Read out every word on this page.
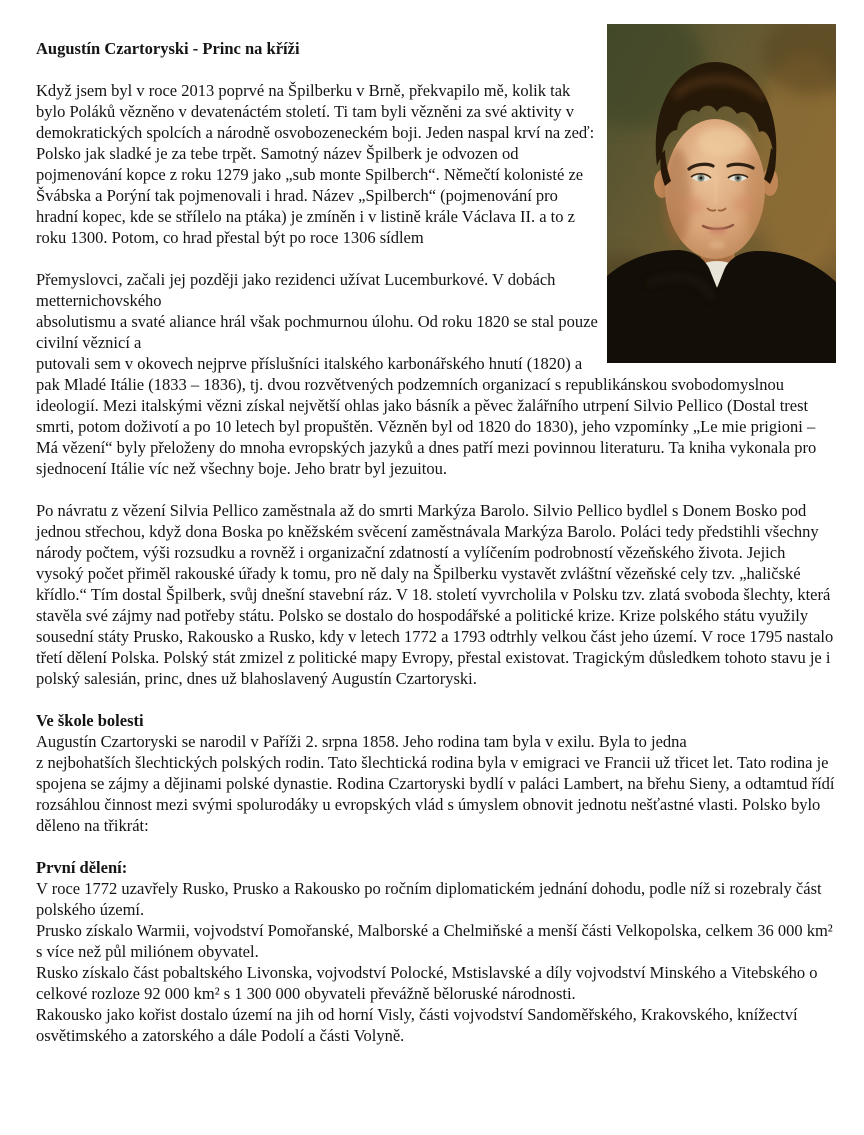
Augustín Czartoryski - Princ na kříži

Když jsem byl v roce 2013 poprvé na Špilberku v Brně, překvapilo mě, kolik tak bylo Poláků vězněno v devatenáctém století. Ti tam byli vězněni za své aktivity v demokratických spolcích a národně osvobozeneckém boji. Jeden naspal krví na zeď: Polsko jak sladké je za tebe trpět. Samotný název Špilberk je odvozen od pojmenování kopce z roku 1279 jako „sub monte Spilberch“. Němečtí kolonisté ze Švábska a Porýní tak pojmenovali i hrad. Název „Spilberch“ (pojmenování pro hradní kopec, kde se střílelo na ptáka) je zmíněn i v listině krále Václava II. a to z roku 1300. Potom, co hrad přestal být po roce 1306 sídlem

Přemyslovci, začali jej později jako rezidenci užívat Lucemburkové. V dobách metternichovského
absolutismu a svaté aliance hrál však pochmurnou úlohu. Od roku 1820 se stal pouze civilní věznicí a
putovali sem v okovech nejprve příslušníci italského karbonářského hnutí (1820) a pak Mladé Itálie (1833 – 1836), tj. dvou rozvětvených podzemních organizací s republikánskou svobodomyslnou ideologií. Mezi italskými vězni získal největší ohlas jako básník a pěvec žalářního utrpení Silvio Pellico (Dostal trest smrti, potom doživotí a po 10 letech byl propuštěn. Vězněn byl od 1820 do 1830), jeho vzpomínky „Le mie prigioni – Má vězení“ byly přeloženy do mnoha evropských jazyků a dnes patří mezi povinnou literaturu. Ta kniha vykonala pro sjednocení Itálie víc než všechny boje. Jeho bratr byl jezuitou.

Po návratu z vězení Silvia Pellico zaměstnala až do smrti Markýza Barolo. Silvio Pellico bydlel s Donem Bosko pod jednou střechou, když dona Boska po kněžském svěcení zaměstnávala Markýza Barolo. Poláci tedy předstihli všechny národy počtem, výši rozsudku a rovněž i organizační zdatností a vylíčením podrobností vězeňského života. Jejich vysoký počet přiměl rakouské úřady k tomu, pro ně daly na Špilberku vystavět zvláštní vězeňské cely tzv. „haličské křídlo.“ Tím dostal Špilberk, svůj dnešní stavební ráz. V 18. století vyvrcholila v Polsku tzv. zlatá svoboda šlechty, která stavěla své zájmy nad potřeby státu. Polsko se dostalo do hospodářské a politické krize. Krize polského státu využily sousední státy Prusko, Rakousko a Rusko, kdy v letech 1772 a 1793 odtrhly velkou část jeho území. V roce 1795 nastalo třetí dělení Polska. Polský stát zmizel z politické mapy Evropy, přestal existovat. Tragickým důsledkem tohoto stavu je i polský salesián, princ, dnes už blahoslavený Augustín Czartoryski.

Ve škole bolesti

Augustín Czartoryski se narodil v Paříži 2. srpna 1858. Jeho rodina tam byla v exilu. Byla to jedna
z nejbohatších šlechtických polských rodin. Tato šlechtická rodina byla v emigraci ve Francii už třicet let. Tato rodina je spojena se zájmy a dějinami polské dynastie. Rodina Czartoryski bydlí v paláci Lambert, na břehu Sieny, a odtamtud řídí rozsáhlou činnost mezi svými spolurodáky u evropských vlád s úmyslem obnovit jednotu nešťastné vlasti. Polsko bylo děleno na třikrát:

První dělení:

V roce 1772 uzavřely Rusko, Prusko a Rakousko po ročním diplomatickém jednání dohodu, podle níž si rozebraly část polského území.
Prusko získalo Warmii, vojvodství Pomořanské, Malborské a Chelmiňské a menší části Velkopolska, celkem 36 000 km² s více než půl miliónem obyvatel.
Rusko získalo část pobaltského Livonska, vojvodství Polocké, Mstislavské a díly vojvodství Minského a Vitebského o celkové rozloze 92 000 km² s 1 300 000 obyvateli převážně běloruské národnosti.
Rakousko jako kořist dostalo území na jih od horní Visly, části vojvodství Sandoměřského, Krakovského, knížectví osvětimského a zatorského a dále Podolí a části Volyně.
